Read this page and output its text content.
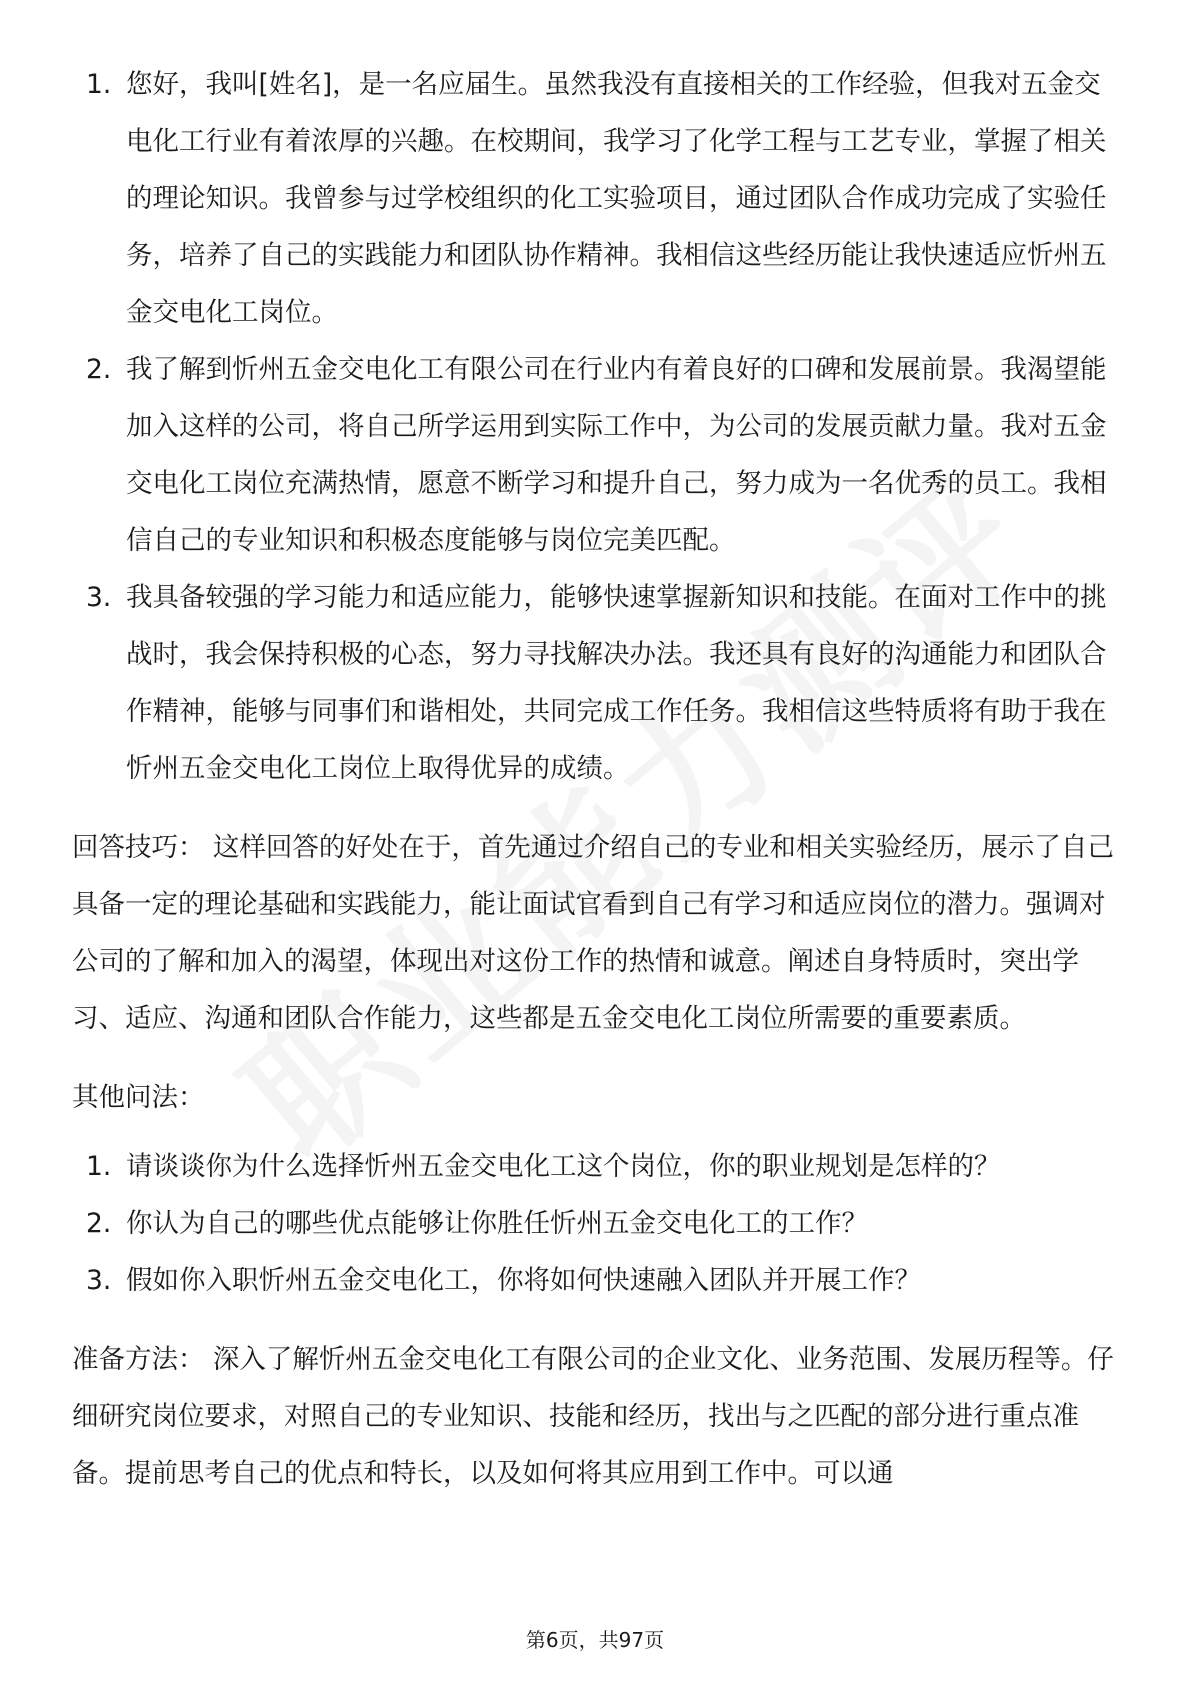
1. 您好，我叫[姓名]，是一名应届生。虽然我没有直接相关的工作经验，但我对五金交电化工行业有着浓厚的兴趣。在校期间，我学习了化学工程与工艺专业，掌握了相关的理论知识。我曾参与过学校组织的化工实验项目，通过团队合作成功完成了实验任务，培养了自己的实践能力和团队协作精神。我相信这些经历能让我快速适应忻州五金交电化工岗位。
2. 我了解到忻州五金交电化工有限公司在行业内有着良好的口碑和发展前景。我渴望能加入这样的公司，将自己所学运用到实际工作中，为公司的发展贡献力量。我对五金交电化工岗位充满热情，愿意不断学习和提升自己，努力成为一名优秀的员工。我相信自己的专业知识和积极态度能够与岗位完美匹配。
3. 我具备较强的学习能力和适应能力，能够快速掌握新知识和技能。在面对工作中的挑战时，我会保持积极的心态，努力寻找解决办法。我还具有良好的沟通能力和团队合作精神，能够与同事们和谐相处，共同完成工作任务。我相信这些特质将有助于我在忻州五金交电化工岗位上取得优异的成绩。

回答技巧： 这样回答的好处在于，首先通过介绍自己的专业和相关实验经历，展示了自己具备一定的理论基础和实践能力，能让面试官看到自己有学习和适应岗位的潜力。强调对公司的了解和加入的渴望，体现出对这份工作的热情和诚意。阐述自身特质时，突出学习、适应、沟通和团队合作能力，这些都是五金交电化工岗位所需要的重要素质。

其他问法：

1. 请谈谈你为什么选择忻州五金交电化工这个岗位，你的职业规划是怎样的？
2. 你认为自己的哪些优点能够让你胜任忻州五金交电化工的工作？
3. 假如你入职忻州五金交电化工，你将如何快速融入团队并开展工作？

准备方法： 深入了解忻州五金交电化工有限公司的企业文化、业务范围、发展历程等。仔细研究岗位要求，对照自己的专业知识、技能和经历，找出与之匹配的部分进行重点准备。提前思考自己的优点和特长，以及如何将其应用到工作中。可以通

第6页，共97页
